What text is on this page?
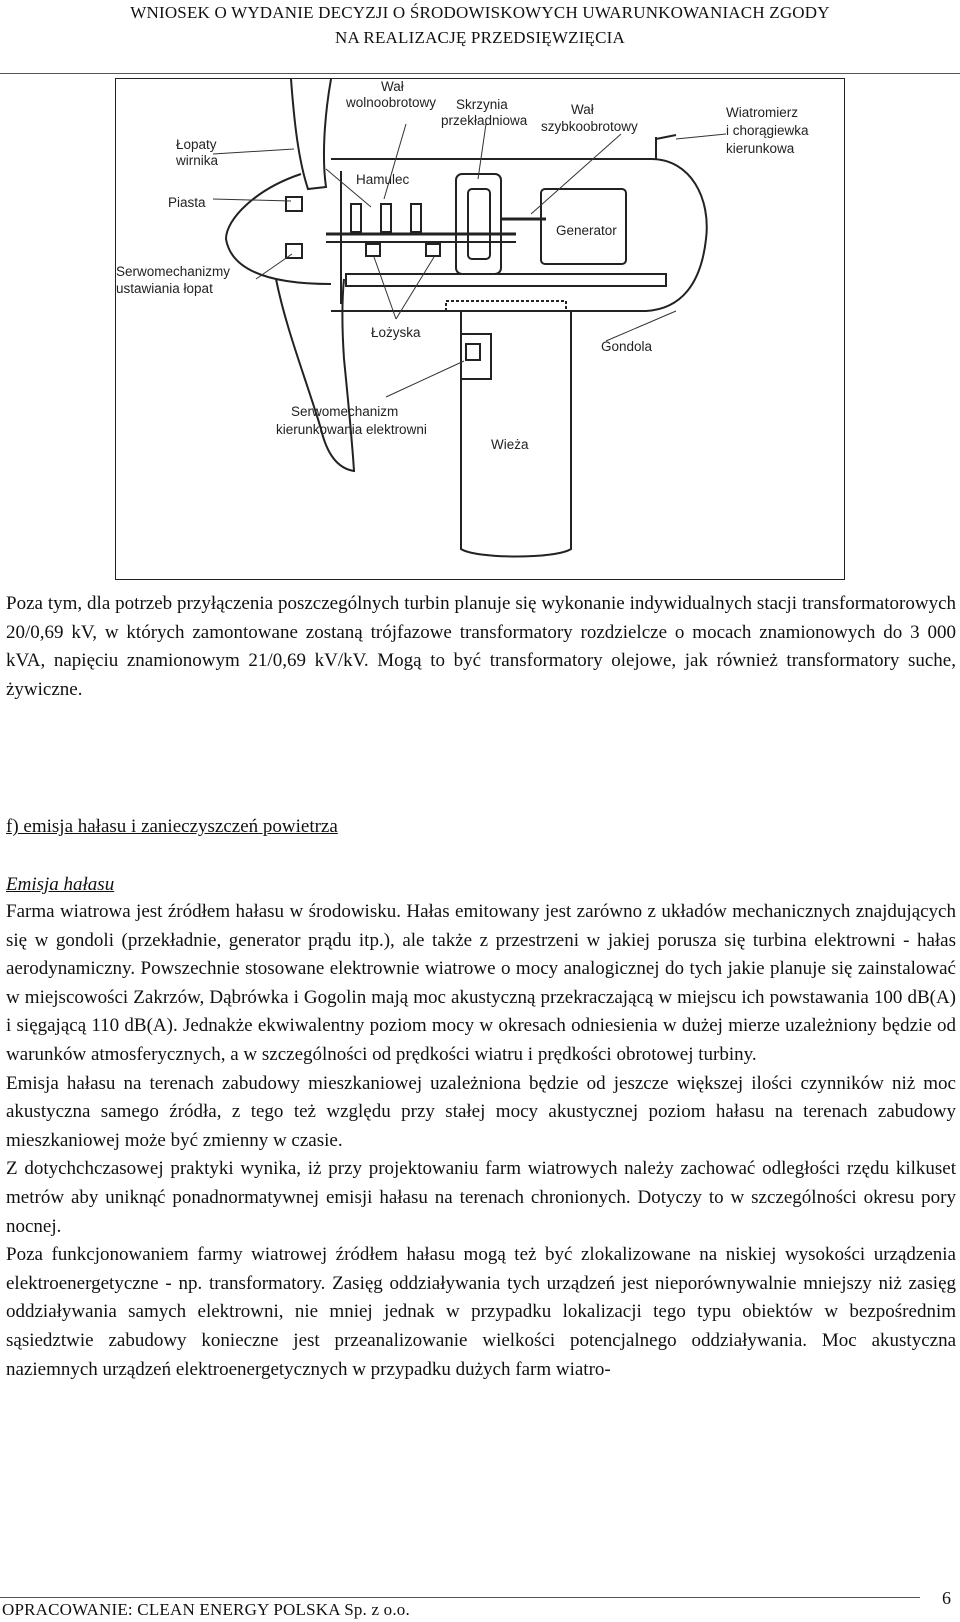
WNIOSEK O WYDANIE DECYZJI O ŚRODOWISKOWYCH UWARUNKOWANIACH ZGODY
NA REALIZACJĘ PRZEDSIĘWZIĘCIA
Wał
wolnoobrotowy Skrzynia
przekładniowa
Wał
szybkoobrotowy
Wiatromierz
i chorągiewka
kierunkowa
Łopaty
wirnika
Hamulec
Piasta
Generator
Serwomechanizmy
ustawiania łopat
Łożyska
Gondola
Serwomechanizm
kierunkowania elektrowni
Wieża

Poza tym, dla potrzeb przyłączenia poszczególnych turbin planuje się wykonanie indywidualnych stacji transformatorowych 20/0,69 kV, w których zamontowane zostaną trójfazowe transformatory rozdzielcze o mocach znamionowych do 3 000 kVA, napięciu znamionowym 21/0,69 kV/kV. Mogą to być transformatory olejowe, jak również transformatory suche, żywiczne.

f) emisja hałasu i zanieczyszczeń powietrza
Emisja hałasu

Farma wiatrowa jest źródłem hałasu w środowisku. Hałas emitowany jest zarówno z układów mechanicznych znajdujących się w gondoli (przekładnie, generator prądu itp.), ale także z przestrzeni w jakiej porusza się turbina elektrowni - hałas aerodynamiczny. Powszechnie stosowane elektrownie wiatrowe o mocy analogicznej do tych jakie planuje się zainstalować w miejscowości Zakrzów, Dąbrówka i Gogolin mają moc akustyczną przekraczającą w miejscu ich powstawania 100 dB(A) i sięgającą 110 dB(A). Jednakże ekwiwalentny poziom mocy w okresach odniesienia w dużej mierze uzależniony będzie od warunków atmosferycznych, a w szczególności od prędkości wiatru i prędkości obrotowej turbiny.

Emisja hałasu na terenach zabudowy mieszkaniowej uzależniona będzie od jeszcze większej ilości czynników niż moc akustyczna samego źródła, z tego też względu przy stałej mocy akustycznej poziom hałasu na terenach zabudowy mieszkaniowej może być zmienny w czasie.

Z dotychchczasowej praktyki wynika, iż przy projektowaniu farm wiatrowych należy zachować odległości rzędu kilkuset metrów aby uniknąć ponadnormatywnej emisji hałasu na terenach chronionych. Dotyczy to w szczególności okresu pory nocnej.

Poza funkcjonowaniem farmy wiatrowej źródłem hałasu mogą też być zlokalizowane na niskiej wysokości urządzenia elektroenergetyczne - np. transformatory. Zasięg oddziaływania tych urządzeń jest nieporównywalnie mniejszy niż zasięg oddziaływania samych elektrowni, nie mniej jednak w przypadku lokalizacji tego typu obiektów w bezpośrednim sąsiedztwie zabudowy konieczne jest przeanalizowanie wielkości potencjalnego oddziaływania. Moc akustyczna naziemnych urządzeń elektroenergetycznych w przypadku dużych farm wiatro-

OPRACOWANIE: CLEAN ENERGY POLSKA Sp. z o.o.
6
